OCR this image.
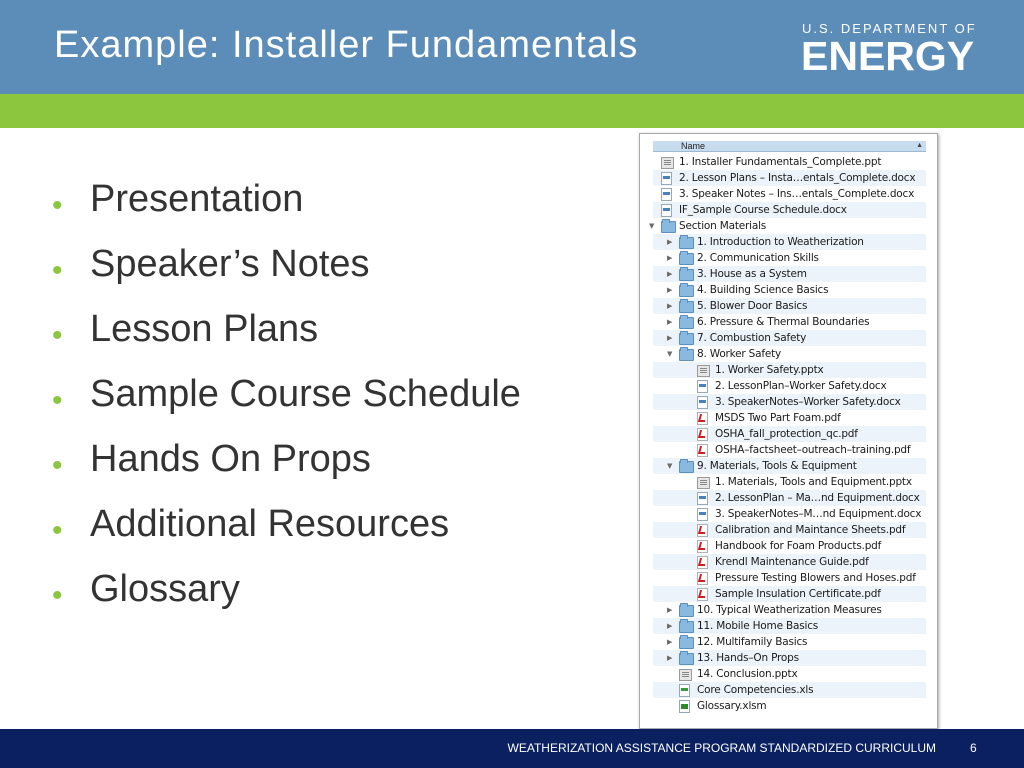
Example: Installer Fundamentals	U.S. DEPARTMENT OF
ENERGY
• Presentation
• Speaker’s Notes
• Lesson Plans
• Sample Course Schedule
• Hands On Props
• Additional Resources
• Glossary
Name	▲
1. Installer Fundamentals_Complete.ppt
2. Lesson Plans – Insta…entals_Complete.docx
3. Speaker Notes – Ins…entals_Complete.docx
IF_Sample Course Schedule.docx
▼ Section Materials
▶ 1. Introduction to Weatherization
▶ 2. Communication Skills
▶ 3. House as a System
▶ 4. Building Science Basics
▶ 5. Blower Door Basics
▶ 6. Pressure & Thermal Boundaries
▶ 7. Combustion Safety
▼ 8. Worker Safety
1. Worker Safety.pptx
2. LessonPlan–Worker Safety.docx
3. SpeakerNotes–Worker Safety.docx
MSDS Two Part Foam.pdf
OSHA_fall_protection_qc.pdf
OSHA–factsheet–outreach–training.pdf
▼ 9. Materials, Tools & Equipment
1. Materials, Tools and Equipment.pptx
2. LessonPlan – Ma…nd Equipment.docx
3. SpeakerNotes–M…nd Equipment.docx
Calibration and Maintance Sheets.pdf
Handbook for Foam Products.pdf
Krendl Maintenance Guide.pdf
Pressure Testing Blowers and Hoses.pdf
Sample Insulation Certificate.pdf
▶ 10. Typical Weatherization Measures
▶ 11. Mobile Home Basics
▶ 12. Multifamily Basics
▶ 13. Hands–On Props
14. Conclusion.pptx
Core Competencies.xls
Glossary.xlsm
WEATHERIZATION ASSISTANCE PROGRAM STANDARDIZED CURRICULUM	6
